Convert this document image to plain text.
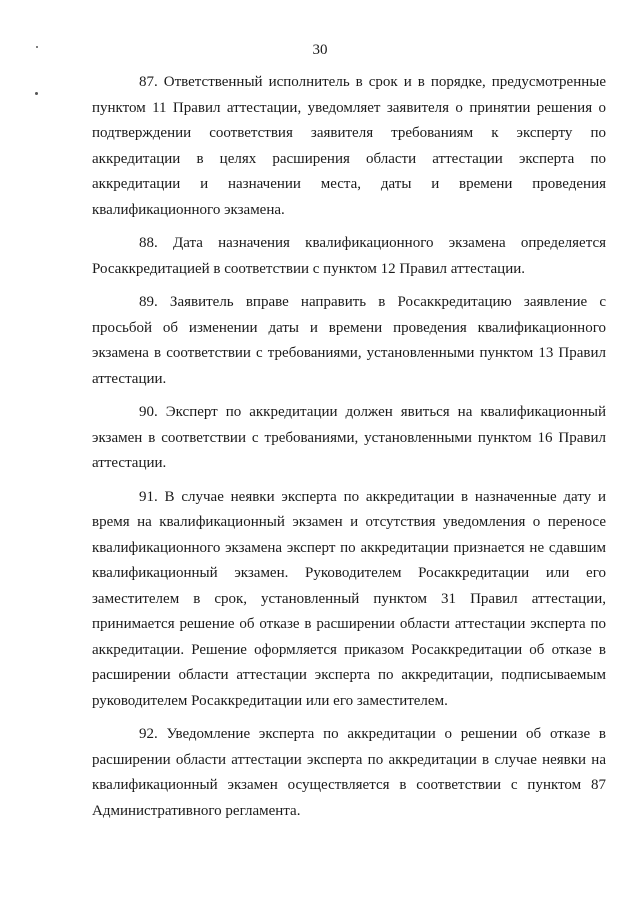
30

87. Ответственный исполнитель в срок и в порядке, предусмотренные пунктом 11 Правил аттестации, уведомляет заявителя о принятии решения о подтверждении соответствия заявителя требованиям к эксперту по аккредитации в целях расширения области аттестации эксперта по аккредитации и назначении места, даты и времени проведения квалификационного экзамена.

88. Дата назначения квалификационного экзамена определяется Росаккредитацией в соответствии с пунктом 12 Правил аттестации.

89. Заявитель вправе направить в Росаккредитацию заявление с просьбой об изменении даты и времени проведения квалификационного экзамена в соответствии с требованиями, установленными пунктом 13 Правил аттестации.

90. Эксперт по аккредитации должен явиться на квалификационный экзамен в соответствии с требованиями, установленными пунктом 16 Правил аттестации.

91. В случае неявки эксперта по аккредитации в назначенные дату и время на квалификационный экзамен и отсутствия уведомления о переносе квалификационного экзамена эксперт по аккредитации признается не сдавшим квалификационный экзамен. Руководителем Росаккредитации или его заместителем в срок, установленный пунктом 31 Правил аттестации, принимается решение об отказе в расширении области аттестации эксперта по аккредитации. Решение оформляется приказом Росаккредитации об отказе в расширении области аттестации эксперта по аккредитации, подписываемым руководителем Росаккредитации или его заместителем.

92. Уведомление эксперта по аккредитации о решении об отказе в расширении области аттестации эксперта по аккредитации в случае неявки на квалификационный экзамен осуществляется в соответствии с пунктом 87 Административного регламента.
